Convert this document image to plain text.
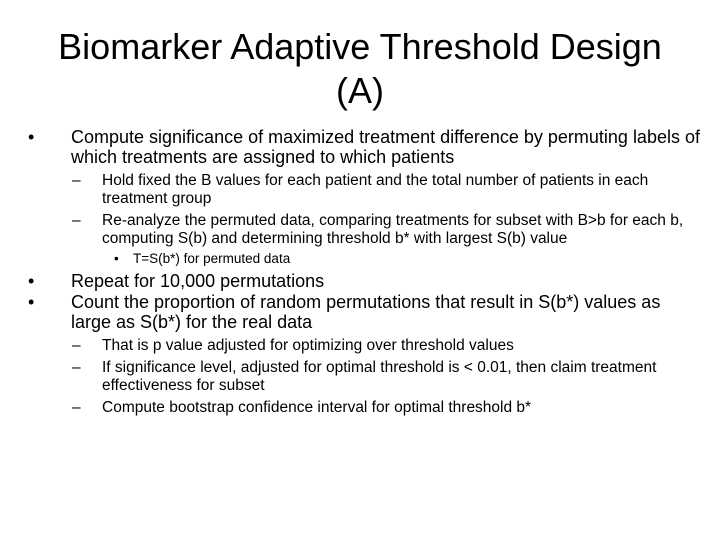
Biomarker Adaptive Threshold Design
(A)
•	Compute significance of maximized treatment difference by permuting labels of which treatments are assigned to which patients
– Hold fixed the B values for each patient and the total number of patients in each treatment group
– Re-analyze the permuted data, comparing treatments for subset with B>b for each b, computing S(b) and determining threshold b* with largest S(b) value
• T=S(b*) for permuted data
•	Repeat for 10,000 permutations
•	Count the proportion of random permutations that result in S(b*) values as large as S(b*) for the real data
– That is p value adjusted for optimizing over threshold values
– If significance level, adjusted for optimal threshold is < 0.01, then claim treatment effectiveness for subset
– Compute bootstrap confidence interval for optimal threshold b*
